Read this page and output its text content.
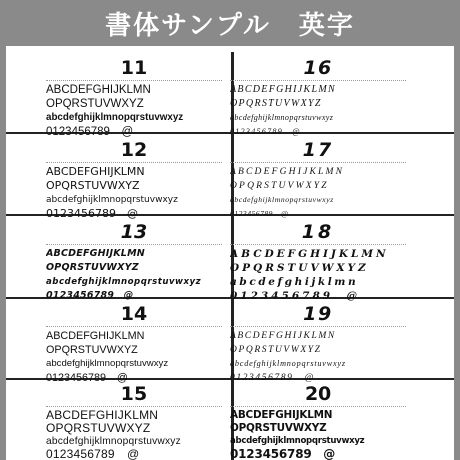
書体サンプル　英字
11
ABCDEFGHIJKLMN
OPQRSTUVWXYZ
abcdefghijklmnopqrstuvwxyz
0123456789　@
16
ABCDEFGHIJKLMN
OPQRSTUVWXYZ
abcdefghijklmnopqrstuvwxyz
0123456789　@
12
ABCDEFGHIJKLMN
OPQRSTUVWXYZ
abcdefghijklmnopqrstuvwxyz
0123456789　@
17
ABCDEFGHIJKLMN
OPQRSTUVWXYZ
abcdefghijklmnopqrstuvwxyz
0123456789　@
13
ABCDEFGHIJKLMN
OPQRSTUVWXYZ
abcdefghijklmnopqrstuvwxyz
0123456789　@
18
ABCDEFGHIJKLMN
OPQRSTUVWXYZ
abcdefghijklmn
0123456789　@
14
ABCDEFGHIJKLMN
OPQRSTUVWXYZ
abcdefghijklmnopqrstuvwxyz
0123456789　@
19
ABCDEFGHIJKLMN
OPQRSTUVWXYZ
abcdefghijklmnopqrstuvwxyz
0123456789　@
15
ABCDEFGHIJKLMN
OPQRSTUVWXYZ
abcdefghijklmnopqrstuvwxyz
0123456789　@
20
ABCDEFGHIJKLMN
OPQRSTUVWXYZ
abcdefghijklmnopqrstuvwxyz
0123456789　@
